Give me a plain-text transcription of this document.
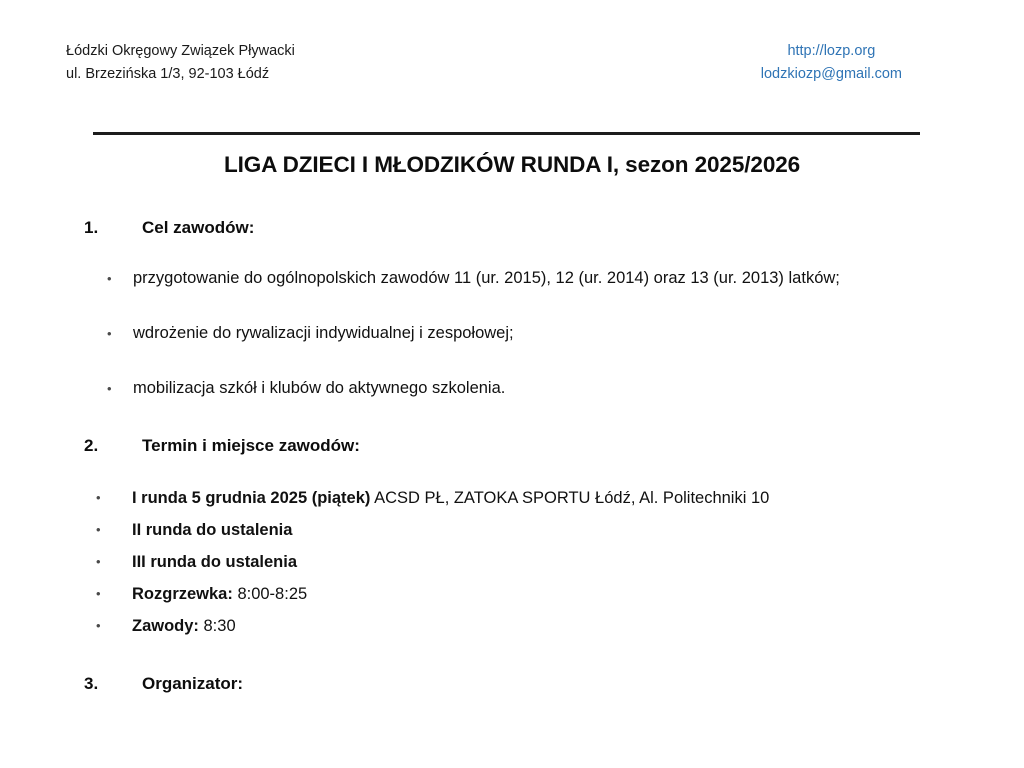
Łódzki Okręgowy Związek Pływacki
ul. Brzezińska 1/3, 92-103 Łódź
http://lozp.org
lodzkiozp@gmail.com
LIGA DZIECI I MŁODZIKÓW RUNDA I, sezon 2025/2026
1.	Cel zawodów:
•	przygotowanie do ogólnopolskich zawodów 11 (ur. 2015), 12 (ur. 2014) oraz 13 (ur. 2013) latków;
•	wdrożenie do rywalizacji indywidualnej i zespołowej;
•	mobilizacja szkół i klubów do aktywnego szkolenia.
2.	Termin i miejsce zawodów:
•	I runda 5 grudnia 2025 (piątek) ACSD PŁ, ZATOKA SPORTU Łódź, Al. Politechniki 10
•	II runda do ustalenia
•	III runda do ustalenia
•	Rozgrzewka: 8:00-8:25
•	Zawody: 8:30
3.	Organizator:
